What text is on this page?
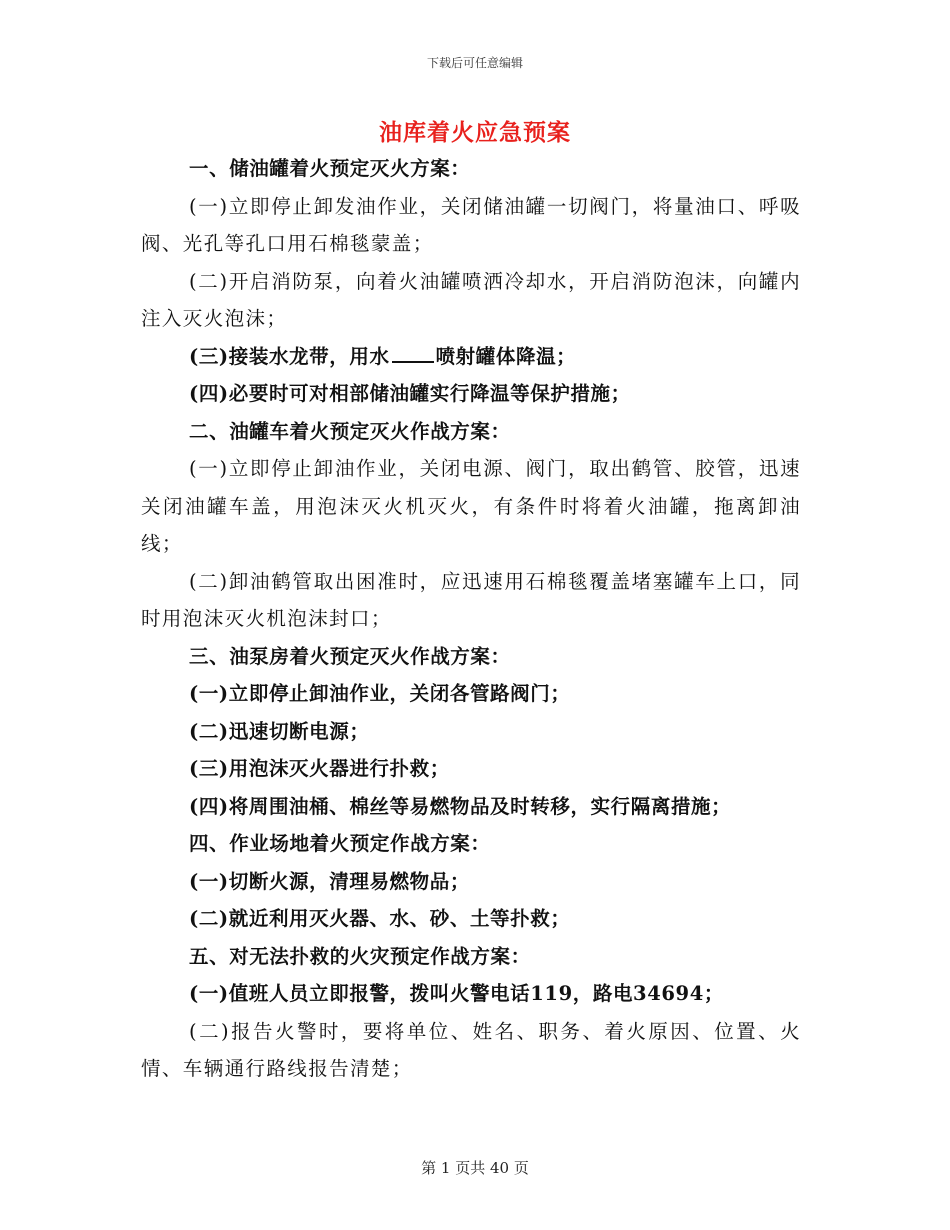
下载后可任意编辑
油库着火应急预案

一、储油罐着火预定灭火方案：

(一)立即停止卸发油作业，关闭储油罐一切阀门，将量油口、呼吸阀、光孔等孔口用石棉毯蒙盖；

(二)开启消防泵，向着火油罐喷洒冷却水，开启消防泡沫，向罐内注入灭火泡沫；

(三)接装水龙带，用水 喷射罐体降温；

(四)必要时可对相部储油罐实行降温等保护措施；

二、油罐车着火预定灭火作战方案：

(一)立即停止卸油作业，关闭电源、阀门，取出鹤管、胶管，迅速关闭油罐车盖，用泡沫灭火机灭火，有条件时将着火油罐，拖离卸油线；

(二)卸油鹤管取出困准时，应迅速用石棉毯覆盖堵塞罐车上口，同时用泡沫灭火机泡沫封口；

三、油泵房着火预定灭火作战方案：

(一)立即停止卸油作业，关闭各管路阀门；

(二)迅速切断电源；

(三)用泡沫灭火器进行扑救；

(四)将周围油桶、棉丝等易燃物品及时转移，实行隔离措施；

四、作业场地着火预定作战方案：

(一)切断火源，清理易燃物品；

(二)就近利用灭火器、水、砂、土等扑救；

五、对无法扑救的火灾预定作战方案：

(一)值班人员立即报警，拨叫火警电话119，路电34694；

(二)报告火警时，要将单位、姓名、职务、着火原因、位置、火情、车辆通行路线报告清楚；

第 1 页共 40 页
